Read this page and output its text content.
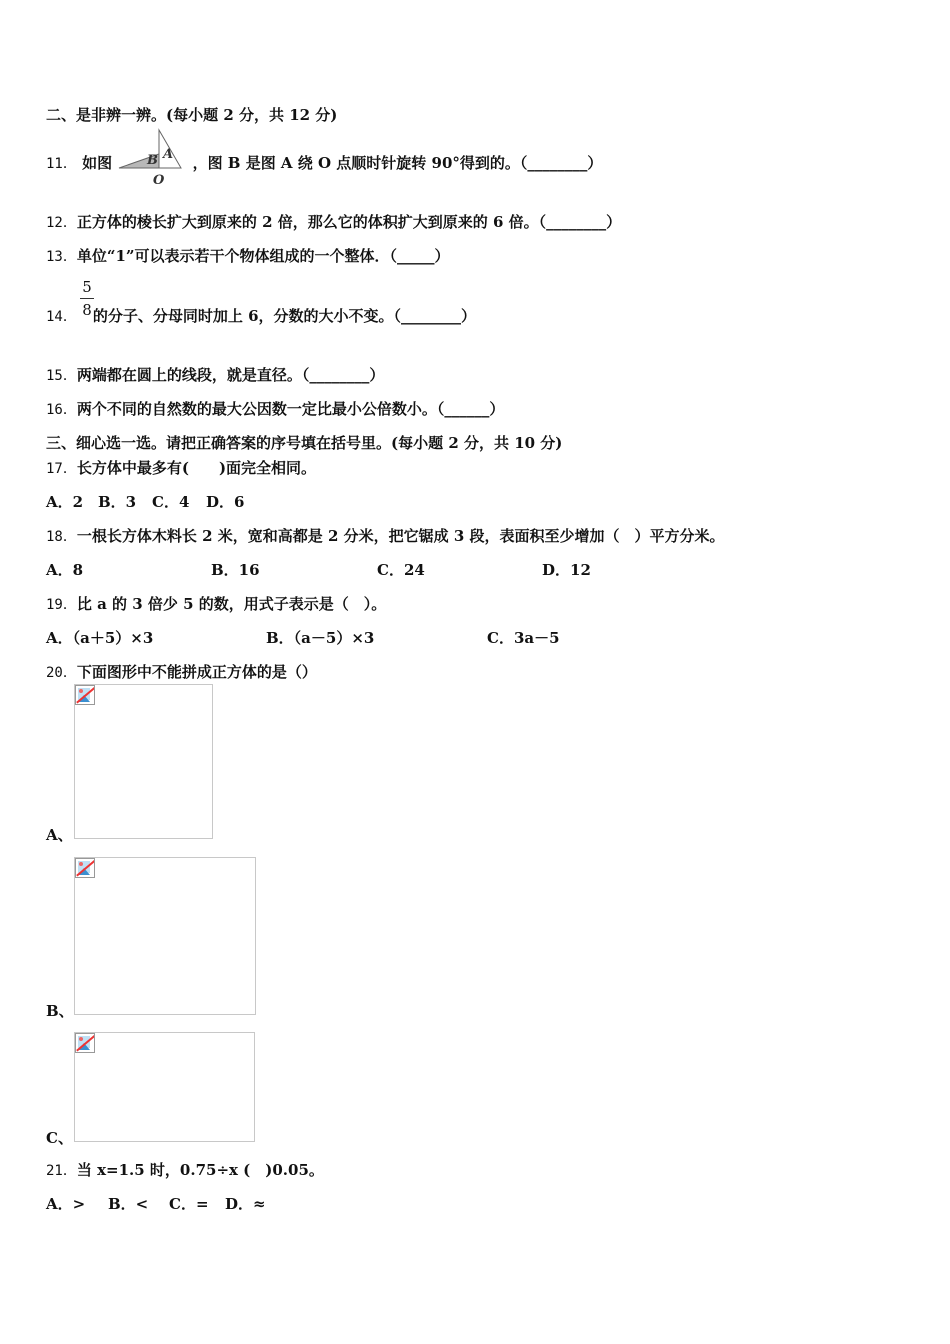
二、是非辨一辨。(每小题 2 分，共 12 分)
11． 如图	B A
O
，图 B 是图 A 绕 O 点顺时针旋转 90°得到的。（________）
12．正方体的棱长扩大到原来的 2 倍，那么它的体积扩大到原来的 6 倍。（________）
13．单位“1”可以表示若干个物体组成的一个整体．（_____）
5
8
14． 的分子、分母同时加上 6，分数的大小不变。（________）
15．两端都在圆上的线段，就是直径。（________）
16．两个不同的自然数的最大公因数一定比最小公倍数小。（______）
三、细心选一选。请把正确答案的序号填在括号里。(每小题 2 分，共 10 分)
17．长方体中最多有(　　)面完全相同。
A．2 B．3 C．4 D．6
18．一根长方体木料长 2 米，宽和高都是 2 分米，把它锯成 3 段，表面积至少增加（　）平方分米。
A．8	B．16	C．24	D．12
19．比 a 的 3 倍少 5 的数，用式子表示是（　）。
A．（a＋5）×3	B．（a－5）×3	C．3a－5
20．下面图形中不能拼成正方体的是（）
A、
B、
C、
21．当 x=1.5 时，0.75÷x (　)0.05。
A．> B．< C．= D．≈
